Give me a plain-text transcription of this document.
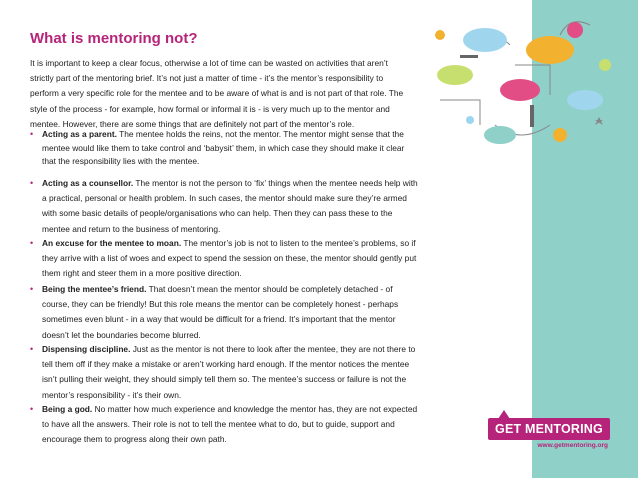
What is mentoring not?
It is important to keep a clear focus, otherwise a lot of time can be wasted on activities that aren’t strictly part of the mentoring brief. It’s not just a matter of time - it’s the mentor’s responsibility to perform a very specific role for the mentee and to be aware of what is and is not part of that role. The style of the process - for example, how formal or informal it is - is very much up to the mentor and mentee. However, there are some things that are definitely not part of the mentor’s role.
• Acting as a parent. The mentee holds the reins, not the mentor. The mentor might sense that the mentee would like them to take control and ‘babysit’ them, in which case they should make it clear that the responsibility lies with the mentee.
• Acting as a counsellor. The mentor is not the person to ‘fix’ things when the mentee needs help with a practical, personal or health problem. In such cases, the mentor should make sure they’re armed with some basic details of people/organisations who can help. Then they can pass these to the mentee and return to the business of mentoring.
• An excuse for the mentee to moan. The mentor’s job is not to listen to the mentee’s problems, so if they arrive with a list of woes and expect to spend the session on these, the mentor should gently put them right and steer them in a more positive direction.
• Being the mentee’s friend. That doesn’t mean the mentor should be completely detached - of course, they can be friendly! But this role means the mentor can be completely honest - perhaps sometimes even blunt - in a way that would be difficult for a friend. It’s important that the mentor doesn’t let the boundaries become blurred.
• Dispensing discipline. Just as the mentor is not there to look after the mentee, they are not there to tell them off if they make a mistake or aren’t working hard enough. If the mentor notices the mentee isn’t pulling their weight, they should simply tell them so. The mentee’s success or failure is not the mentor’s responsibility - it’s their own.
• Being a god. No matter how much experience and knowledge the mentor has, they are not expected to have all the answers. Their role is not to tell the mentee what to do, but to guide, support and encourage them to progress along their own path.
GET MENTORING
www.getmentoring.org
